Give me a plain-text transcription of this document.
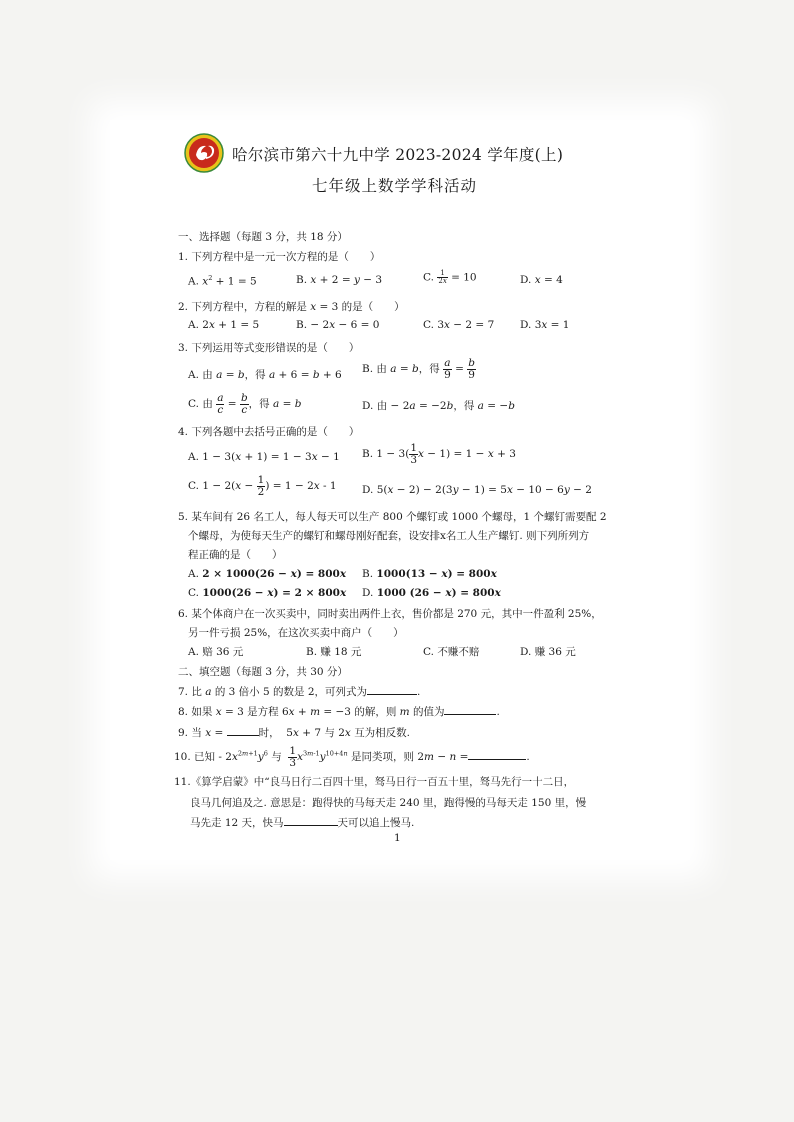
哈尔滨市第六十九中学 2023-2024 学年度(上)
七年级上数学学科活动
一、选择题（每题 3 分，共 18 分）
1. 下列方程中是一元一次方程的是（　　）
A. $x^2 + 1 = 5$	B. x + 2 = y − 3	C. $\frac{1}{2x} = 10$	D. x = 4
2. 下列方程中，方程的解是 x = 3 的是（　　）
A. 2x + 1 = 5	B. − 2x − 6 = 0	C. 3x − 2 = 7 D. 3x = 1
3. 下列运用等式变形错误的是（　　）
A. 由 a = b，得 a + 6 = b + 6 B. 由 a = b，得 $\frac{a}{9} = \frac{b}{9}$
C. 由 $\frac{a}{c} = \frac{b}{c}$ ，得 a = b	D. 由 − 2a = −2b，得 a = −b
4. 下列各题中去括号正确的是（　　）
A. 1 − 3(x + 1) = 1 − 3x − 1 B. $1 - 3( \frac{1}{3}$ x − 1) = 1 − x + 3
C. $1 - 2(x - \frac{1}{2}$ ) = 1 − 2x - 1 D. 5(x − 2) − 2(3y − 1) = 5x − 10 − 6y − 2
5. 某车间有 26 名工人，每人每天可以生产 800 个螺钉或 1000 个螺母，1 个螺钉需要配 2
个螺母，为使每天生产的螺钉和螺母刚好配套，设安排x名工人生产螺钉. 则下列所列方
程正确的是（　　）
A. 2 × 1000(26 − x) = 800x B. 1000(13 − x) = 800x
C. 1000(26 − x) = 2 × 800x D. 1000 (26 − x) = 800x
6. 某个体商户在一次买卖中，同时卖出两件上衣，售价都是 270 元，其中一件盈利 25%，
另一件亏损 25%，在这次买卖中商户（　　）
A. 赔 36 元	B. 赚 18 元	C. 不赚不赔	D. 赚 36 元
二、填空题（每题 3 分，共 30 分）
7. 比 a 的 3 倍小 5 的数是 2，可列式为	.
8. 如果 x = 3 是方程 6x + m = −3 的解，则 m 的值为	.
9. 当 x =	时，  5x + 7 与 2x 互为相反数.
10. 已知 - $2x^{2m+1}y^6$ 与 $\frac{1}{3} x^{3m-1}y^{10+4n}$ 是同类项，则 2m − n =	.
11.《算学启蒙》中“良马日行二百四十里，驽马日行一百五十里，驽马先行一十二日，
良马几何追及之. 意思是：跑得快的马每天走 240 里，跑得慢的马每天走 150 里，慢
马先走 12 天，快马	天可以追上慢马.
1
